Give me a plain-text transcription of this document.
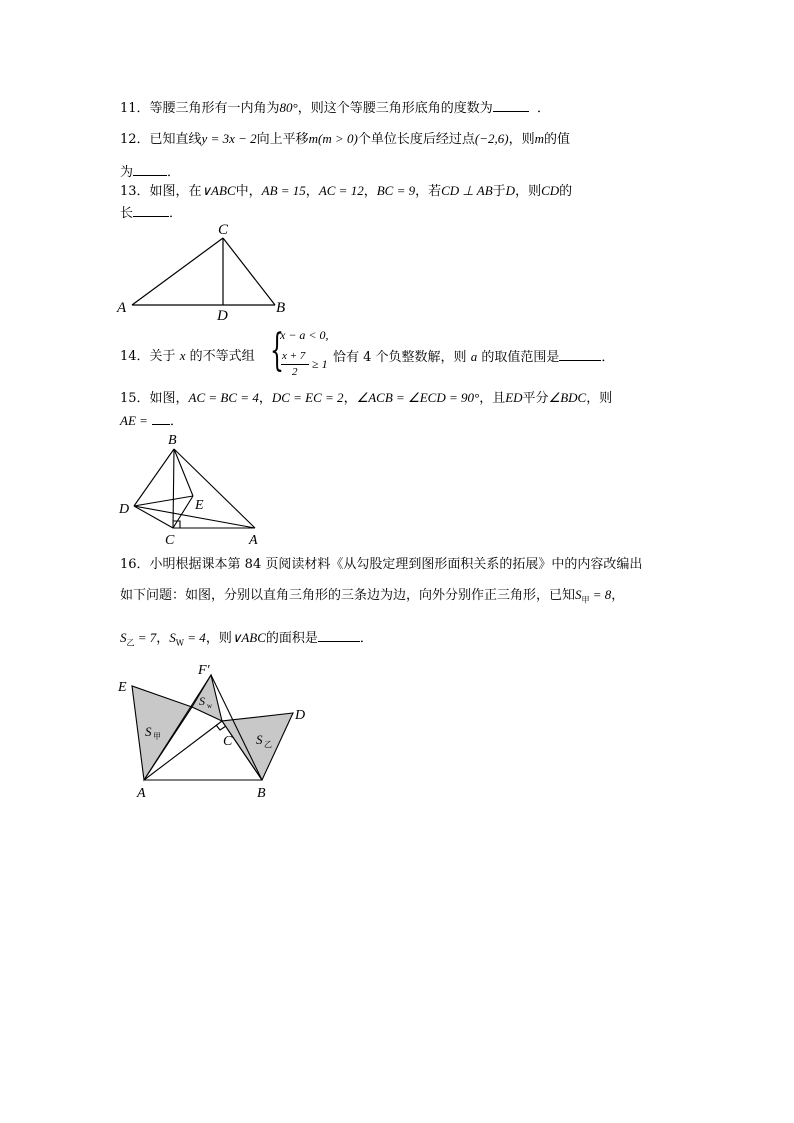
11．等腰三角形有一内角为80°，则这个等腰三角形底角的度数为	．
12．已知直线y = 3x − 2向上平移m(m > 0)个单位长度后经过点(−2,6)，则m的值
为	．
13．如图，在∨ABC中，AB = 15，AC = 12，BC = 9，若CD ⊥ AB于D，则CD的
长	．
A	B
C
D
14．关于 x 的不等式组 {
x − a < 0,
x + 7
2
≥ 1 恰有 4 个负整数解，则 a 的取值范围是	．
15．如图，AC = BC = 4，DC = EC = 2，∠ACB = ∠ECD = 90°，且ED平分∠BDC，则
AE = ．
B
D	E
C	A
16．小明根据课本第 84 页阅读材料《从勾股定理到图形面积关系的拓展》中的内容改编出
如下问题：如图，分别以直角三角形的三条边为边，向外分别作正三角形，已知$S_甲 = 8$，
$S_乙 = 7$，$S_W = 4$，则∨ABC的面积是	．
E
F′
D
C
A	B
S 甲
S w
S 乙
